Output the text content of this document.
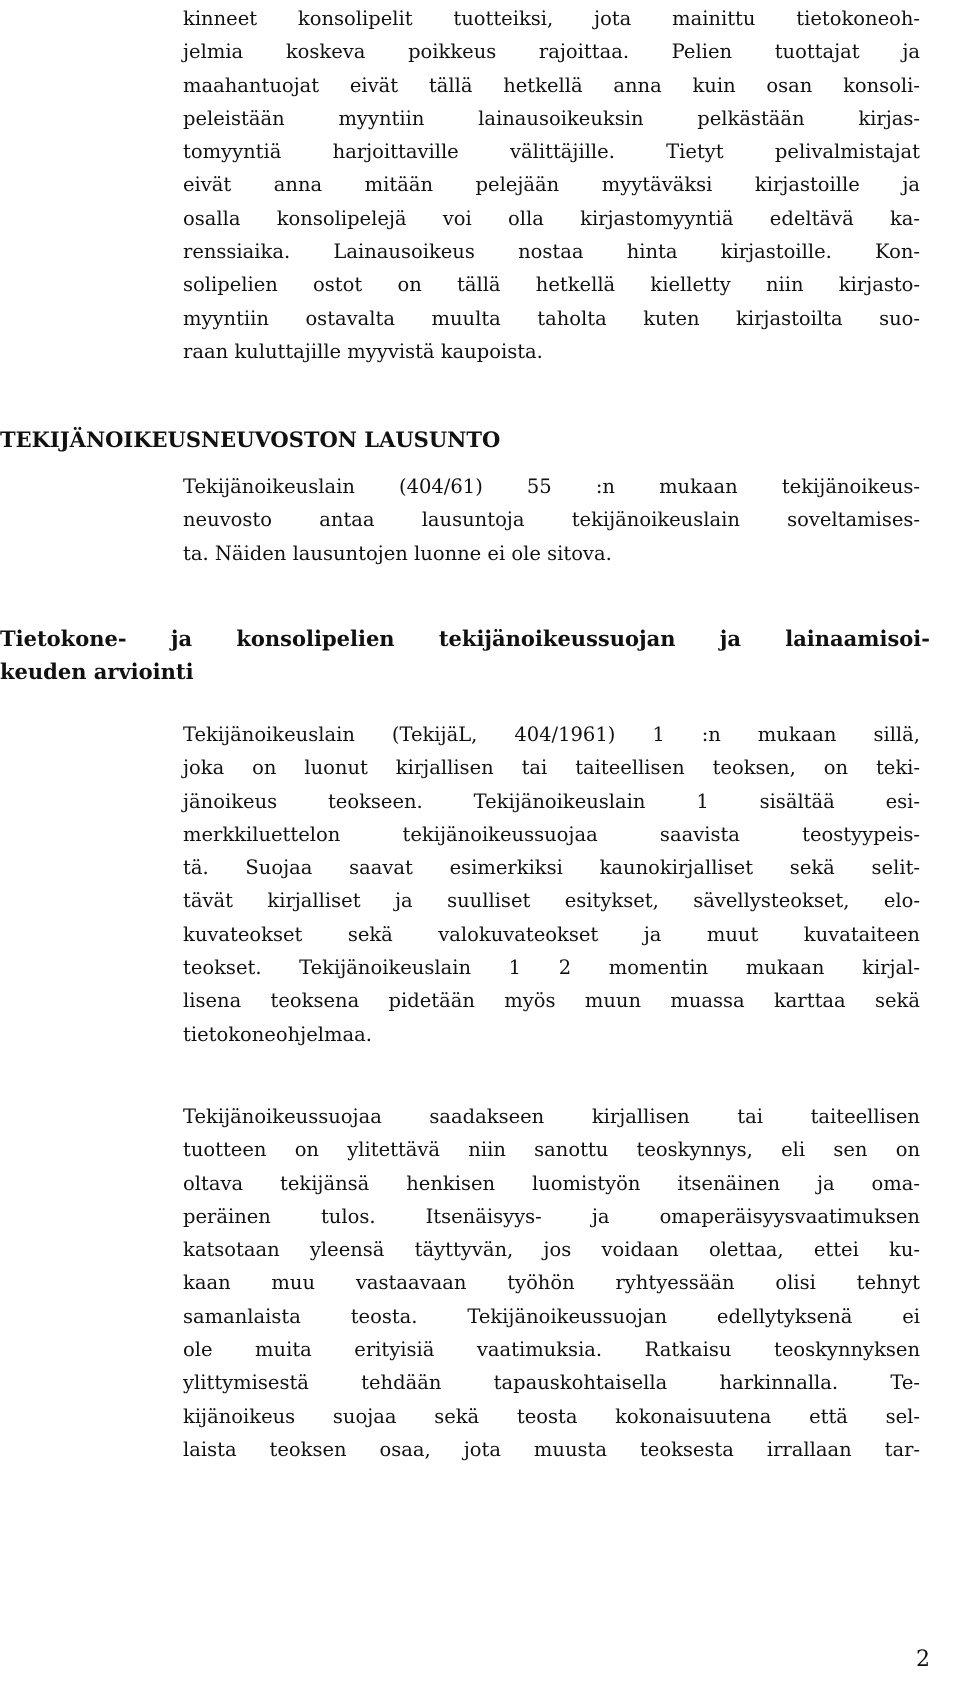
kinneet konsolipelit tuotteiksi, jota mainittu tietokoneoh-
jelmia koskeva poikkeus rajoittaa. Pelien tuottajat ja
maahantuojat eivät tällä hetkellä anna kuin osan konsoli-
peleistään myyntiin lainausoikeuksin pelkästään kirjas-
tomyyntiä harjoittaville välittäjille. Tietyt pelivalmistajat
eivät anna mitään pelejään myytäväksi kirjastoille ja
osalla konsolipelejä voi olla kirjastomyyntiä edeltävä ka-
renssiaika. Lainausoikeus nostaa hinta kirjastoille. Kon-
solipelien ostot on tällä hetkellä kielletty niin kirjasto-
myyntiin ostavalta muulta taholta kuten kirjastoilta suo-
raan kuluttajille myyvistä kaupoista.
TEKIJÄNOIKEUSNEUVOSTON LAUSUNTO
Tekijänoikeuslain (404/61) 55 :n mukaan tekijänoikeus-
neuvosto antaa lausuntoja tekijänoikeuslain soveltamises-
ta. Näiden lausuntojen luonne ei ole sitova.
Tietokone- ja konsolipelien tekijänoikeussuojan ja lainaamisoi-
keuden arviointi
Tekijänoikeuslain (TekijäL, 404/1961) 1 :n mukaan sillä,
joka on luonut kirjallisen tai taiteellisen teoksen, on teki-
jänoikeus teokseen. Tekijänoikeuslain 1 sisältää esi-
merkkiluettelon tekijänoikeussuojaa saavista teostyypeis-
tä. Suojaa saavat esimerkiksi kaunokirjalliset sekä selit-
tävät kirjalliset ja suulliset esitykset, sävellysteokset, elo-
kuvateokset sekä valokuvateokset ja muut kuvataiteen
teokset. Tekijänoikeuslain 1 2 momentin mukaan kirjal-
lisena teoksena pidetään myös muun muassa karttaa sekä
tietokoneohjelmaa.
Tekijänoikeussuojaa saadakseen kirjallisen tai taiteellisen
tuotteen on ylitettävä niin sanottu teoskynnys, eli sen on
oltava tekijänsä henkisen luomistyön itsenäinen ja oma-
peräinen tulos. Itsenäisyys- ja omaperäisyysvaatimuksen
katsotaan yleensä täyttyvän, jos voidaan olettaa, ettei ku-
kaan muu vastaavaan työhön ryhtyessään olisi tehnyt
samanlaista teosta. Tekijänoikeussuojan edellytyksenä ei
ole muita erityisiä vaatimuksia. Ratkaisu teoskynnyksen
ylittymisestä tehdään tapauskohtaisella harkinnalla. Te-
kijänoikeus suojaa sekä teosta kokonaisuutena että sel-
laista teoksen osaa, jota muusta teoksesta irrallaan tar-
2
